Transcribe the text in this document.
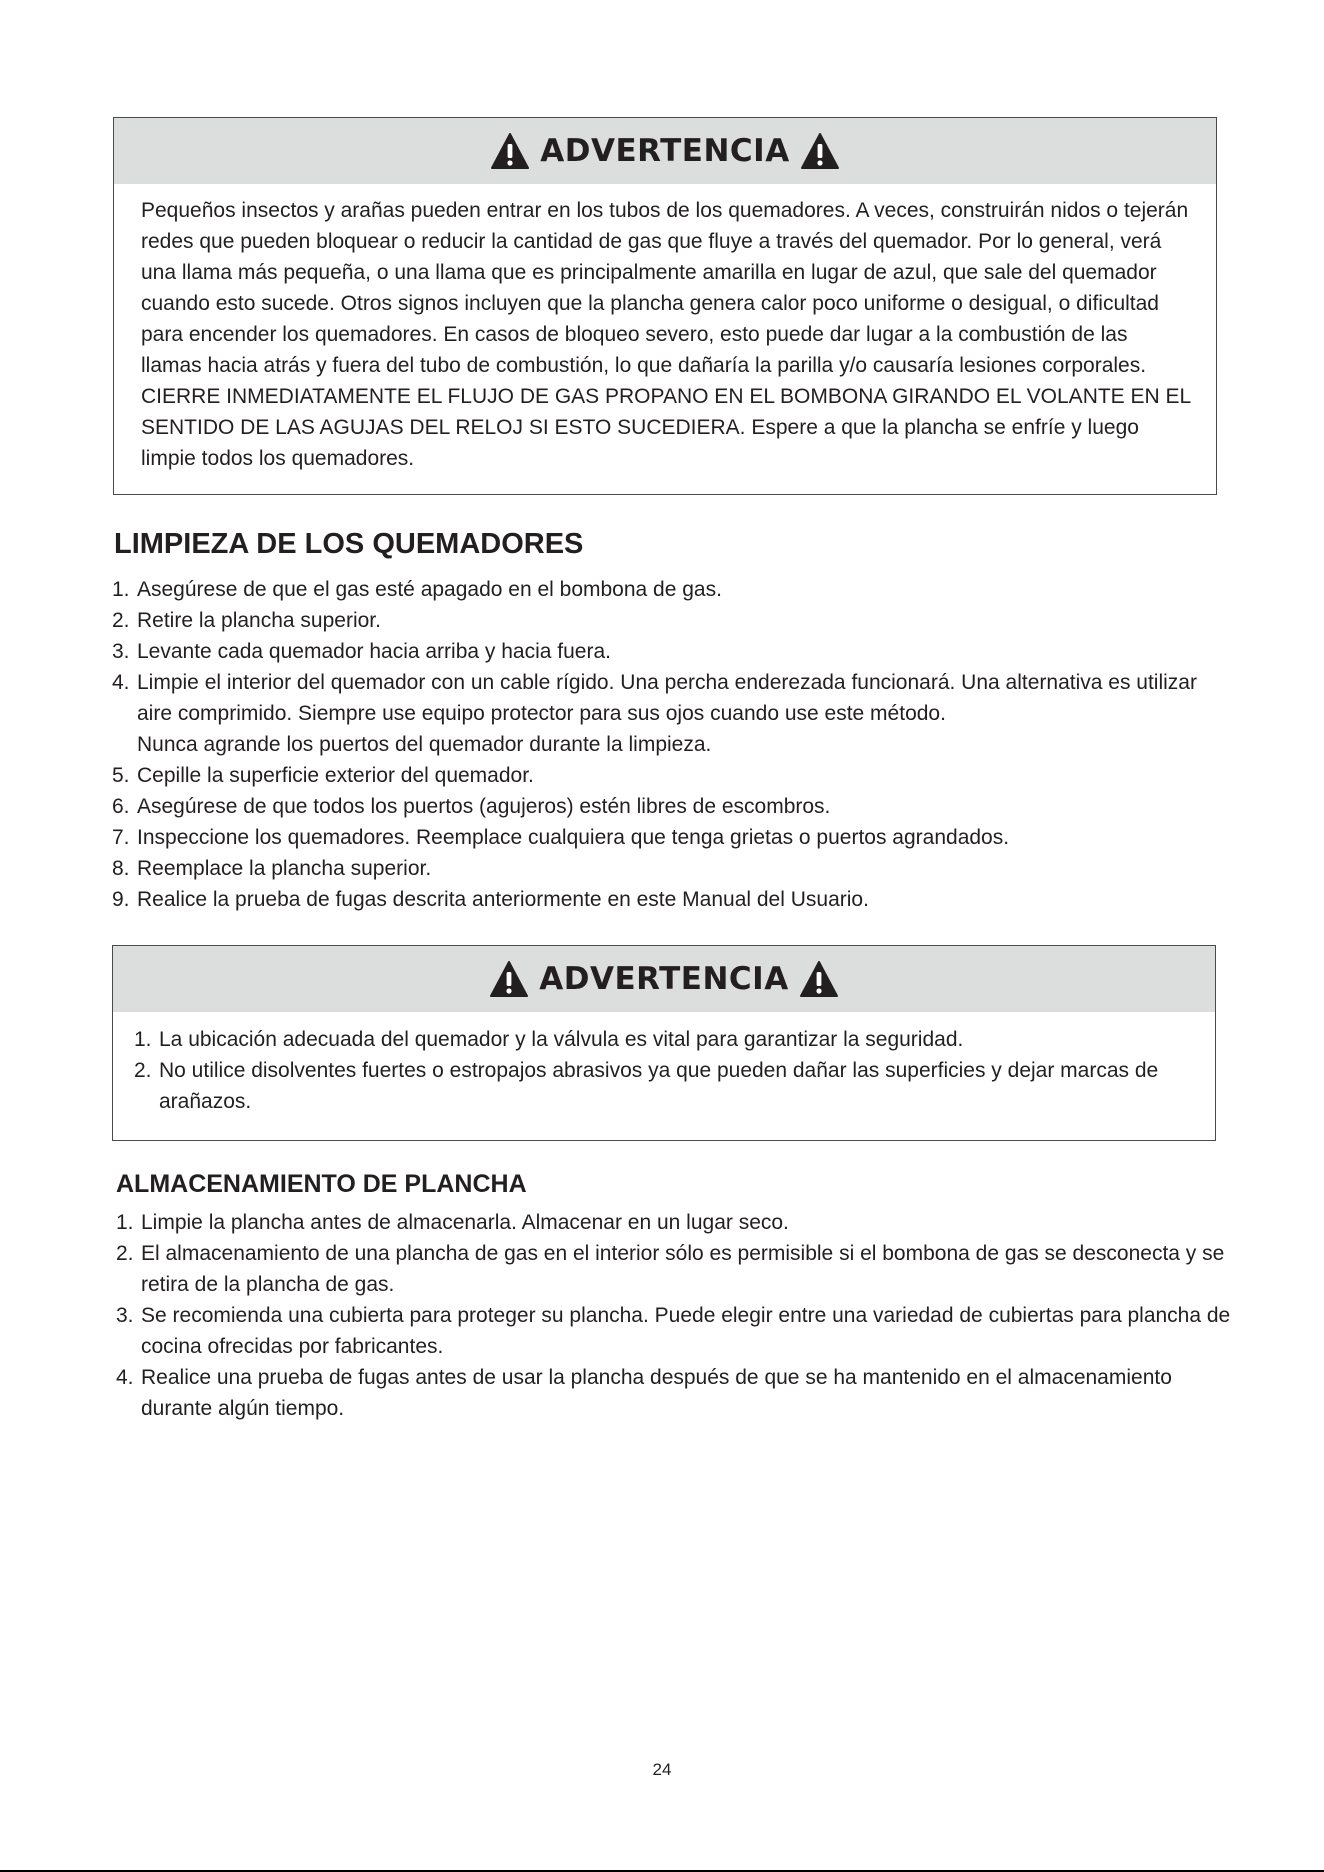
ADVERTENCIA
Pequeños insectos y arañas pueden entrar en los tubos de los quemadores. A veces, construirán nidos o tejerán redes que pueden bloquear o reducir la cantidad de gas que fluye a través del quemador. Por lo general, verá una llama más pequeña, o una llama que es principalmente amarilla en lugar de azul, que sale del quemador cuando esto sucede. Otros signos incluyen que la plancha genera calor poco uniforme o desigual, o dificultad para encender los quemadores. En casos de bloqueo severo, esto puede dar lugar a la combustión de las llamas hacia atrás y fuera del tubo de combustión, lo que dañaría la parilla y/o causaría lesiones corporales. CIERRE INMEDIATAMENTE EL FLUJO DE GAS PROPANO EN EL BOMBONA GIRANDO EL VOLANTE EN EL SENTIDO DE LAS AGUJAS DEL RELOJ SI ESTO SUCEDIERA. Espere a que la plancha se enfríe y luego limpie todos los quemadores.
LIMPIEZA DE LOS QUEMADORES
1. Asegúrese de que el gas esté apagado en el bombona de gas.
2. Retire la plancha superior.
3. Levante cada quemador hacia arriba y hacia fuera.
4. Limpie el interior del quemador con un cable rígido. Una percha enderezada funcionará. Una alternativa es utilizar aire comprimido. Siempre use equipo protector para sus ojos cuando use este método.
Nunca agrande los puertos del quemador durante la limpieza.
5. Cepille la superficie exterior del quemador.
6. Asegúrese de que todos los puertos (agujeros) estén libres de escombros.
7. Inspeccione los quemadores. Reemplace cualquiera que tenga grietas o puertos agrandados.
8. Reemplace la plancha superior.
9. Realice la prueba de fugas descrita anteriormente en este Manual del Usuario.
ADVERTENCIA
1. La ubicación adecuada del quemador y la válvula es vital para garantizar la seguridad.
2. No utilice disolventes fuertes o estropajos abrasivos ya que pueden dañar las superficies y dejar marcas de arañazos.
ALMACENAMIENTO DE PLANCHA
1. Limpie la plancha antes de almacenarla. Almacenar en un lugar seco.
2. El almacenamiento de una plancha de gas en el interior sólo es permisible si el bombona de gas se desconecta y se retira de la plancha de gas.
3. Se recomienda una cubierta para proteger su plancha. Puede elegir entre una variedad de cubiertas para plancha de cocina ofrecidas por fabricantes.
4. Realice una prueba de fugas antes de usar la plancha después de que se ha mantenido en el almacenamiento durante algún tiempo.
24
